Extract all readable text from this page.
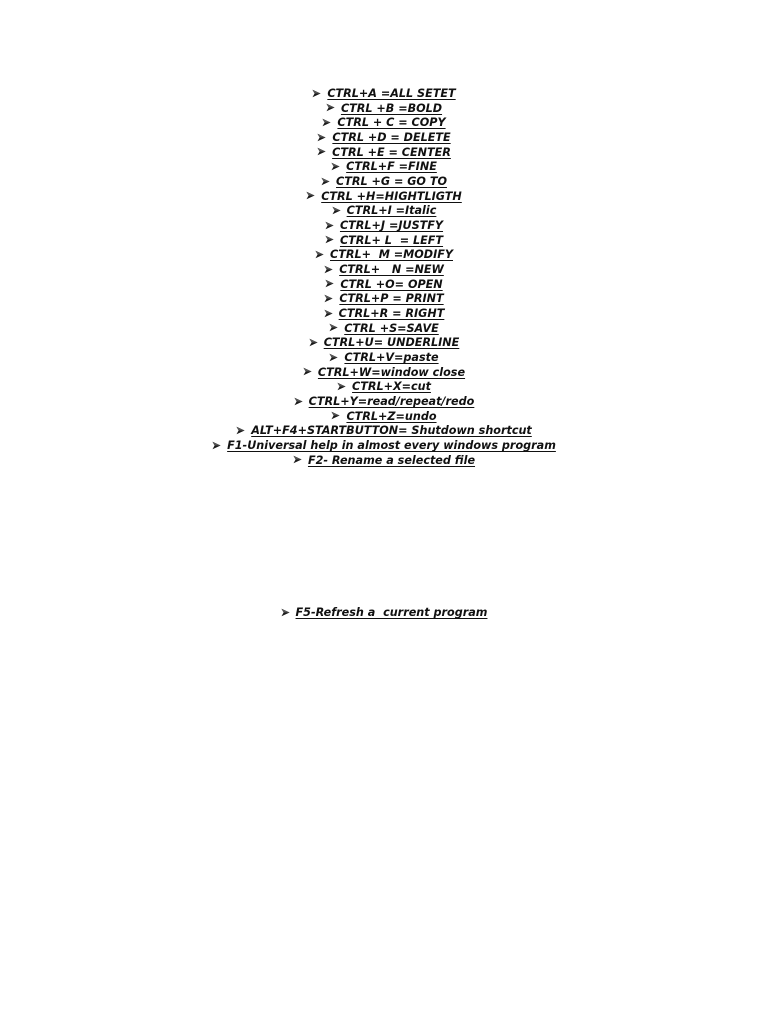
CTRL+A =ALL SETET
CTRL +B =BOLD
CTRL + C = COPY
CTRL +D = DELETE
CTRL +E = CENTER
CTRL+F =FINE
CTRL +G = GO TO
CTRL +H=HIGHTLIGTH
CTRL+I =Italic
CTRL+J =JUSTFY
CTRL+ L  = LEFT
CTRL+  M =MODIFY
CTRL+   N =NEW
CTRL +O= OPEN
CTRL+P = PRINT
CTRL+R = RIGHT
CTRL +S=SAVE
CTRL+U= UNDERLINE
CTRL+V=paste
CTRL+W=window close
CTRL+X=cut
CTRL+Y=read/repeat/redo
CTRL+Z=undo
ALT+F4+STARTBUTTON= Shutdown shortcut
F1-Universal help in almost every windows program
F2- Rename a selected file
F5-Refresh a  current program
